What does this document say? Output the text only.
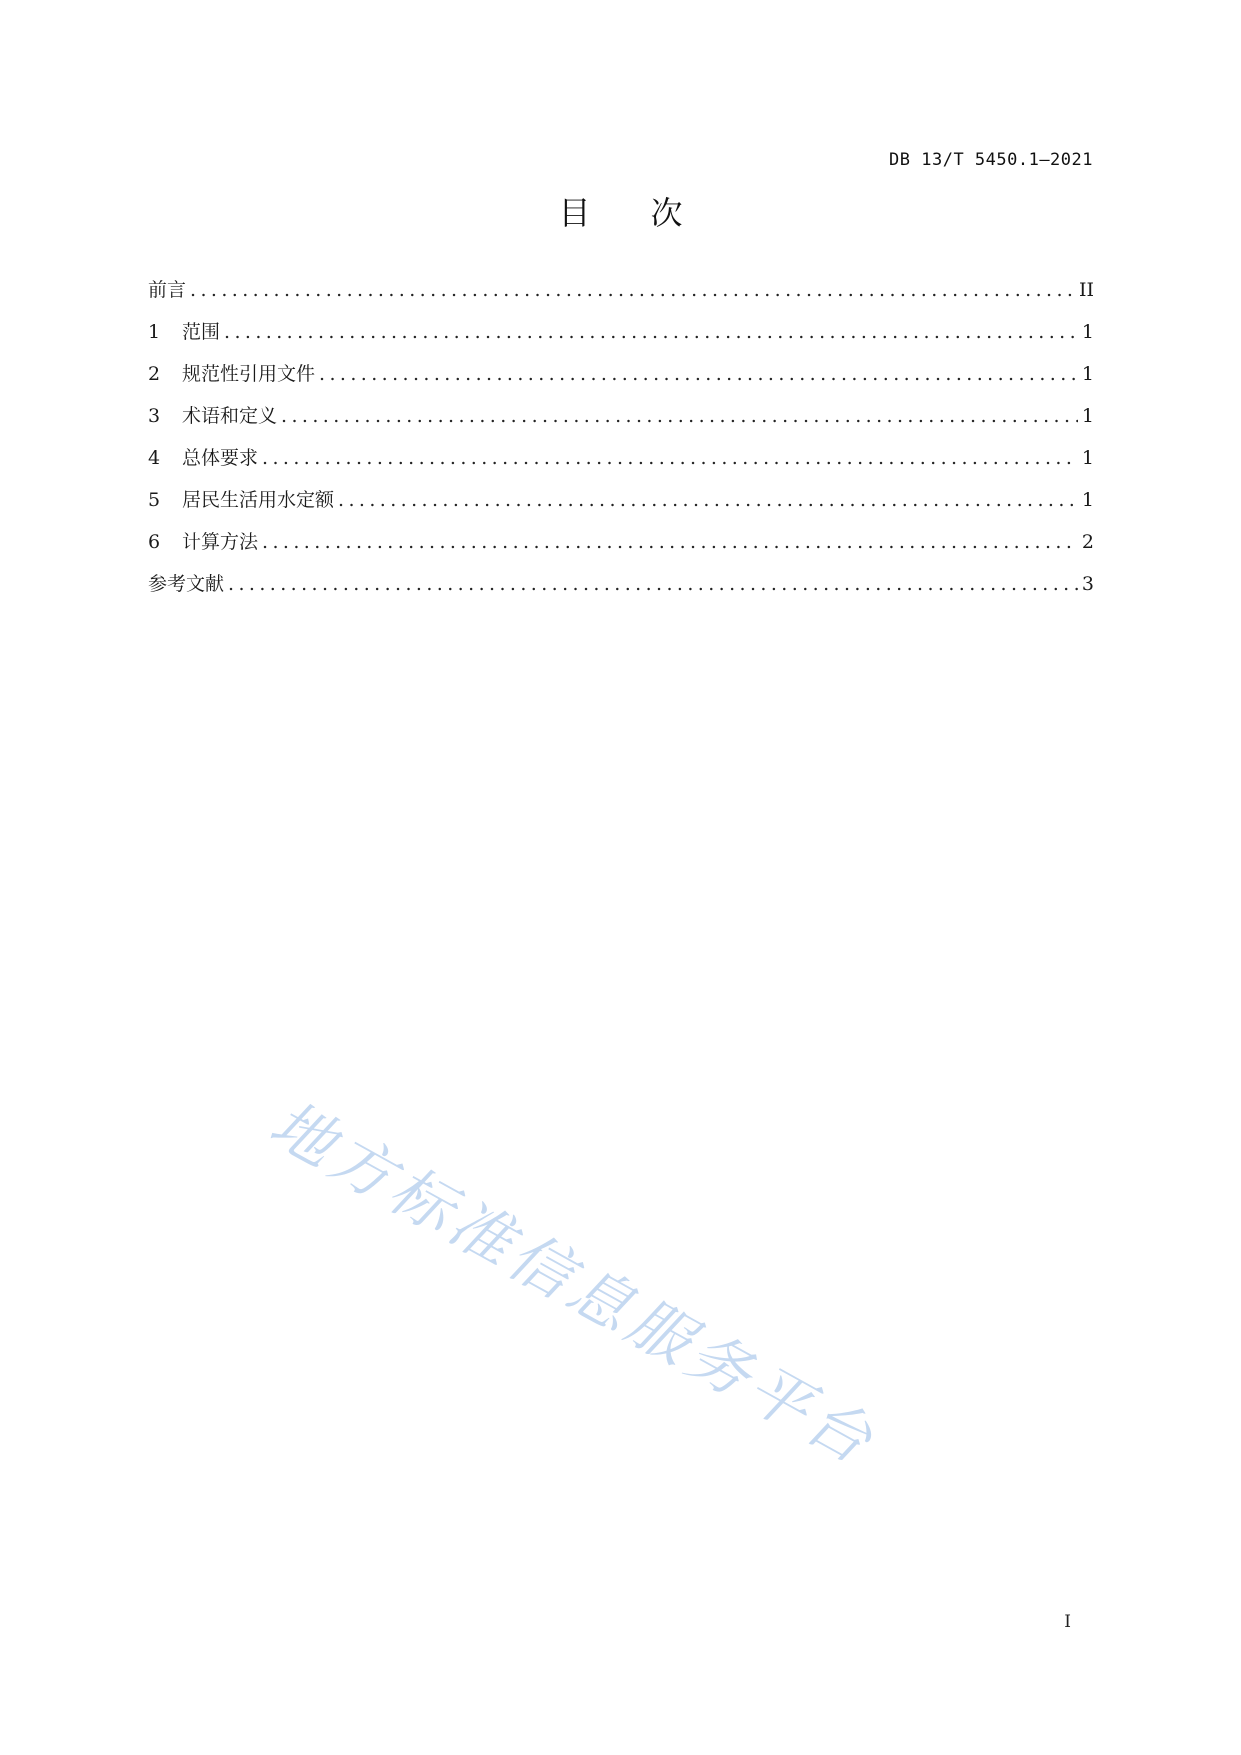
DB 13/T 5450.1—2021
目 次
前言 .....	II
1	范围 .....	1
2	规范性引用文件 .....	1
3	术语和定义 .....	1
4	总体要求 .....	1
5	居民生活用水定额 .....	1
6	计算方法 .....	2
参考文献 .....	3
地方标准信息服务平台
I
